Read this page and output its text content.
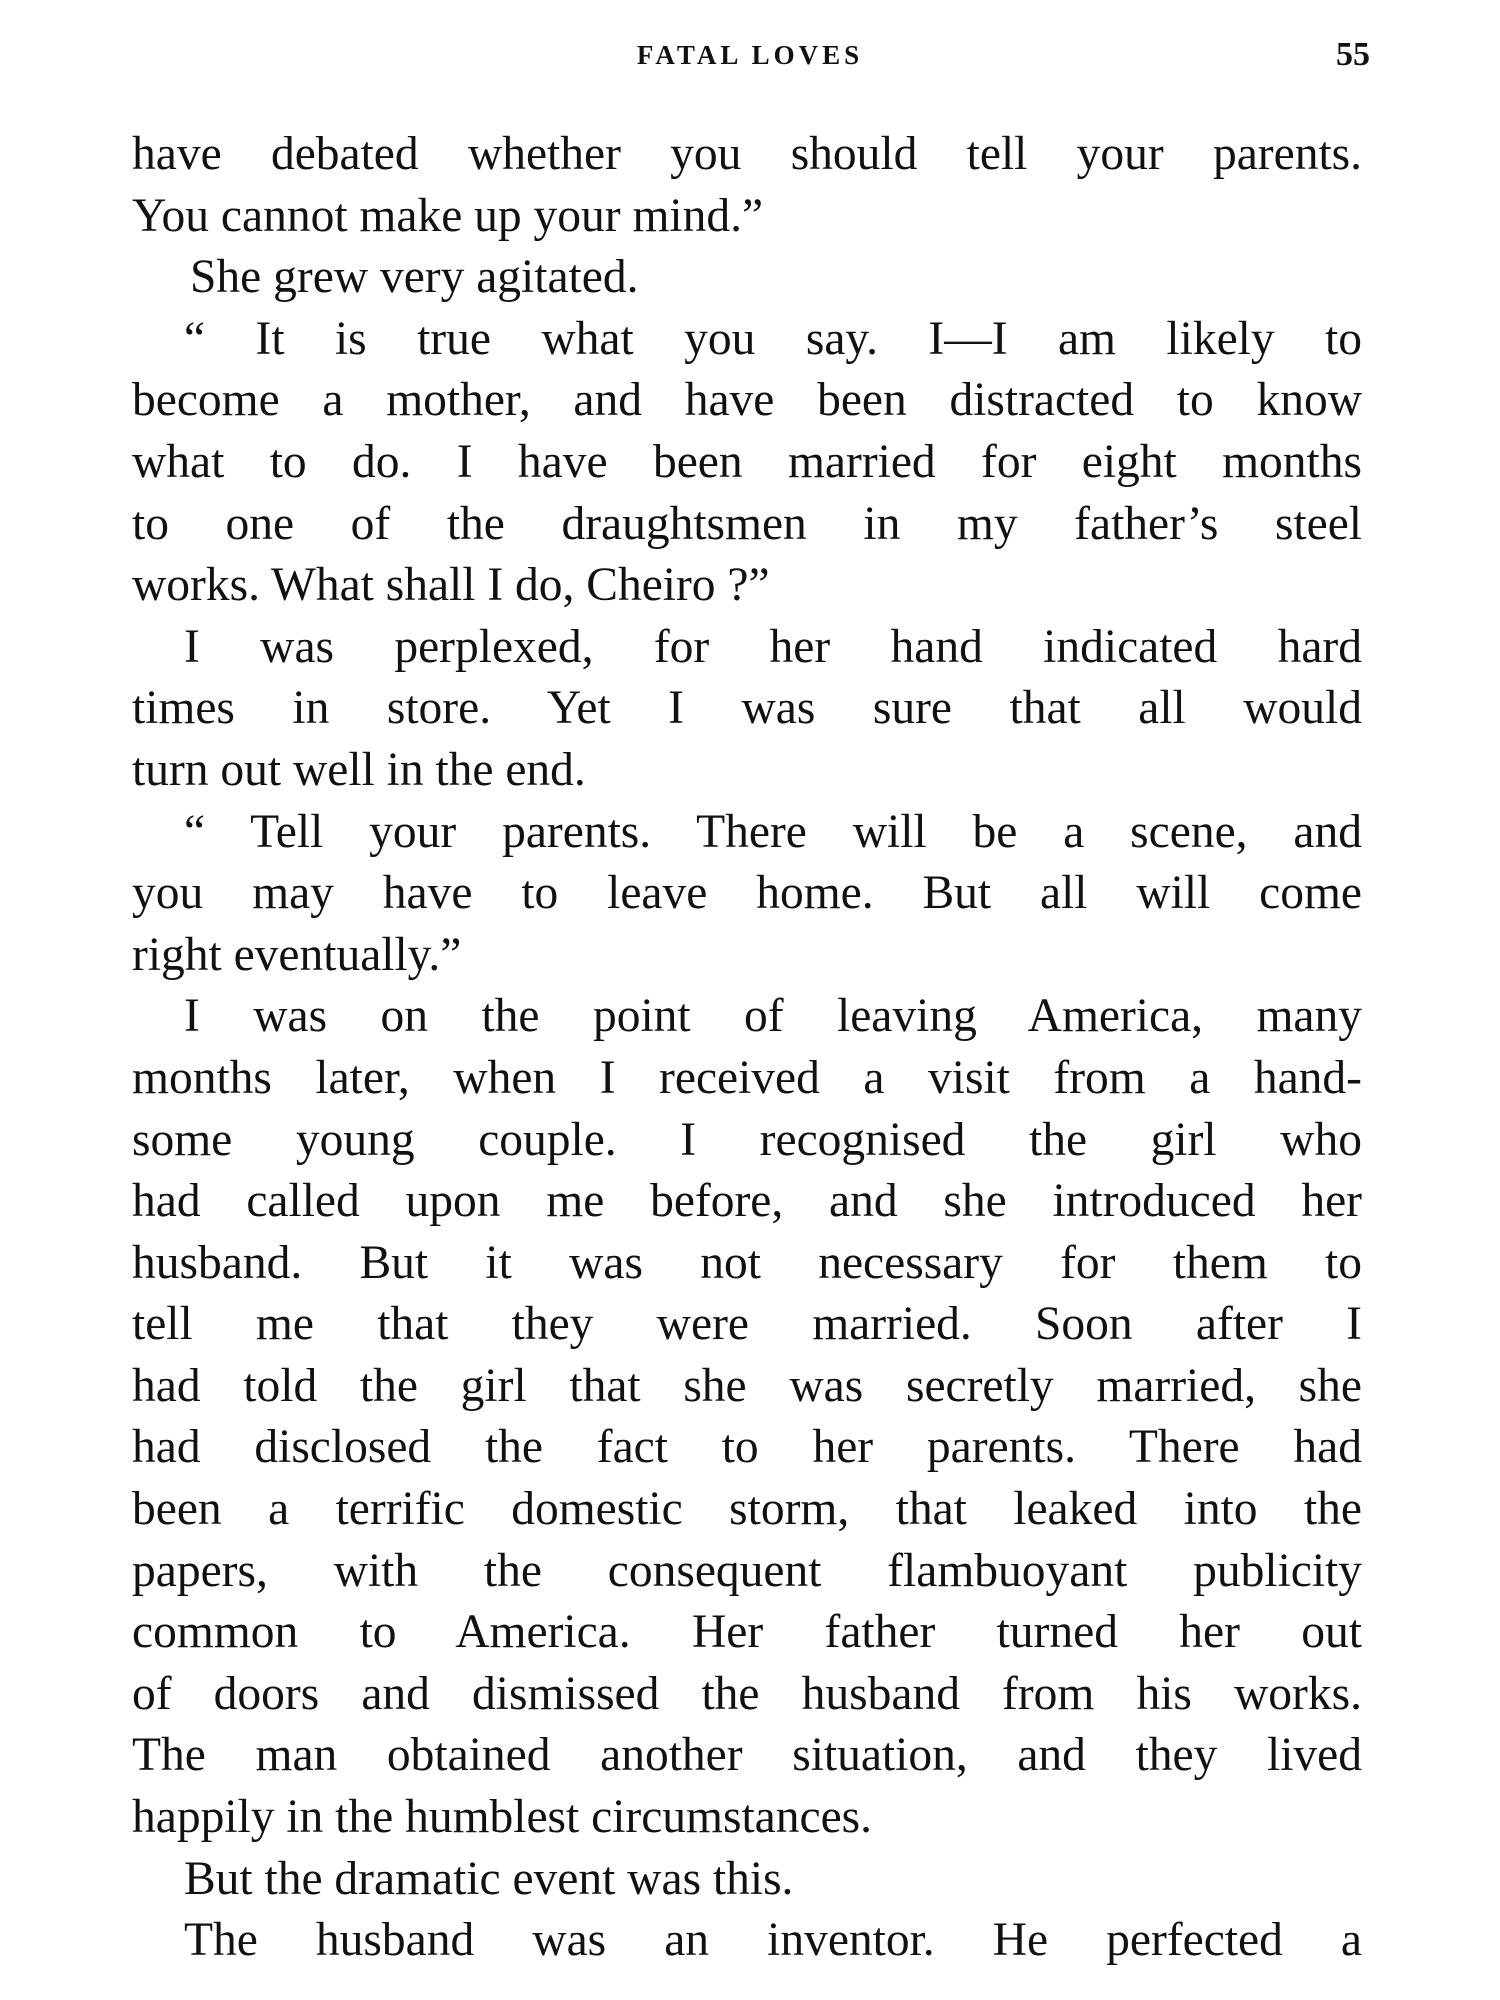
FATAL LOVES	55
have debated whether you should tell your parents.
You cannot make up your mind.”
She grew very agitated.
“ It is true what you say. I—I am likely to
become a mother, and have been distracted to know
what to do. I have been married for eight months
to one of the draughtsmen in my father’s steel
works. What shall I do, Cheiro ?”
I was perplexed, for her hand indicated hard
times in store. Yet I was sure that all would
turn out well in the end.
“ Tell your parents. There will be a scene, and
you may have to leave home. But all will come
right eventually.”
I was on the point of leaving America, many
months later, when I received a visit from a hand-
some young couple. I recognised the girl who
had called upon me before, and she introduced her
husband. But it was not necessary for them to
tell me that they were married. Soon after I
had told the girl that she was secretly married, she
had disclosed the fact to her parents. There had
been a terrific domestic storm, that leaked into the
papers, with the consequent flambuoyant publicity
common to America. Her father turned her out
of doors and dismissed the husband from his works.
The man obtained another situation, and they lived
happily in the humblest circumstances.
But the dramatic event was this.
The husband was an inventor. He perfected a
